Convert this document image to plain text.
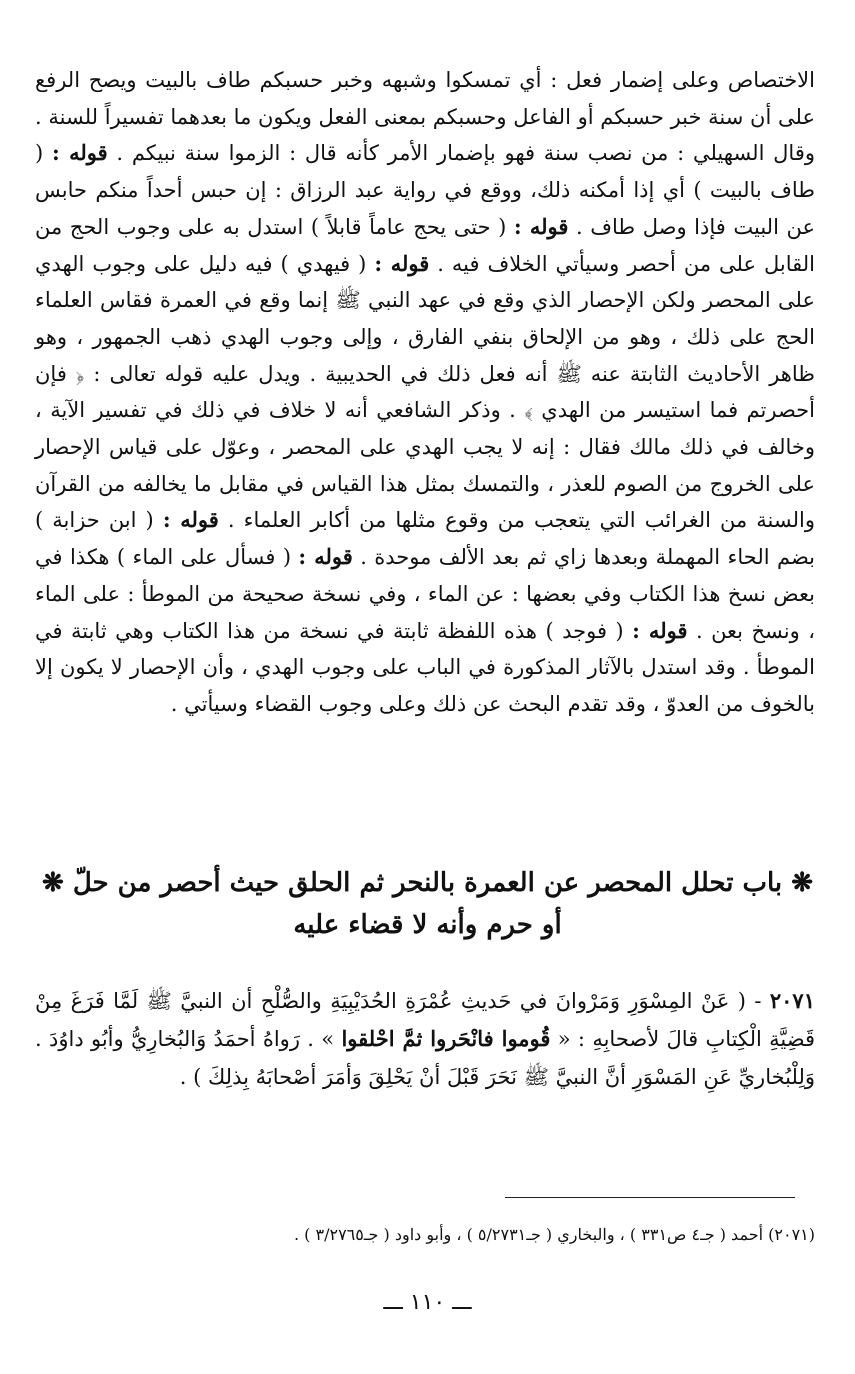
الاختصاص وعلى إضمار فعل : أي تمسكوا وشبهه وخبر حسبكم طاف بالبيت ويصح الرفع على أن سنة خبر حسبكم أو الفاعل وحسبكم بمعنى الفعل ويكون ما بعدهما تفسيراً للسنة . وقال السهيلي : من نصب سنة فهو بإضمار الأمر كأنه قال : الزموا سنة نبيكم . قوله : ( طاف بالبيت ) أي إذا أمكنه ذلك، ووقع في رواية عبد الرزاق : إن حبس أحداً منكم حابس عن البيت فإذا وصل طاف . قوله : ( حتى يحج عاماً قابلاً ) استدل به على وجوب الحج من القابل على من أحصر وسيأتي الخلاف فيه . قوله : ( فيهدي ) فيه دليل على وجوب الهدي على المحصر ولكن الإحصار الذي وقع في عهد النبي ﷺ إنما وقع في العمرة فقاس العلماء الحج على ذلك ، وهو من الإلحاق بنفي الفارق ، وإلى وجوب الهدي ذهب الجمهور ، وهو ظاهر الأحاديث الثابتة عنه ﷺ أنه فعل ذلك في الحديبية . ويدل عليه قوله تعالى : ﴿ فإن أحصرتم فما استيسر من الهدي ﴾ . وذكر الشافعي أنه لا خلاف في ذلك في تفسير الآية ، وخالف في ذلك مالك فقال : إنه لا يجب الهدي على المحصر ، وعوّل على قياس الإحصار على الخروج من الصوم للعذر ، والتمسك بمثل هذا القياس في مقابل ما يخالفه من القرآن والسنة من الغرائب التي يتعجب من وقوع مثلها من أكابر العلماء . قوله : ( ابن حزابة ) بضم الحاء المهملة وبعدها زاي ثم بعد الألف موحدة . قوله : ( فسأل على الماء ) هكذا في بعض نسخ هذا الكتاب وفي بعضها : عن الماء ، وفي نسخة صحيحة من الموطأ : على الماء ، ونسخ بعن . قوله : ( فوجد ) هذه اللفظة ثابتة في نسخة من هذا الكتاب وهي ثابتة في الموطأ . وقد استدل بالآثار المذكورة في الباب على وجوب الهدي ، وأن الإحصار لا يكون إلا بالخوف من العدوّ ، وقد تقدم البحث عن ذلك وعلى وجوب القضاء وسيأتي .

❋ باب تحلل المحصر عن العمرة بالنحر ثم الحلق حيث أحصر من حلّ ❋
أو حرم وأنه لا قضاء عليه

٢٠٧١ - ( عَنْ المِسْوَرِ وَمَرْوانَ في حَديثِ عُمْرَةِ الحُدَيْبِيَةِ والصُّلْحِ أن النبيَّ ﷺ لَمَّا فَرَغَ مِنْ قَضِيَّةِ الْكِتابِ قالَ لأصحابِهِ : « قُوموا فانْحَروا ثمَّ احْلقوا » . رَواهُ أحمَدُ وَالبُخارِيُّ وأبُو داوُدَ . وَلِلْبُخاريِّ عَنِ المَسْوَرِ أنَّ النبيَّ ﷺ نَحَرَ قَبْلَ أنْ يَحْلِقَ وَأمَرَ أصْحابَهُ بِذلِكَ ) .

(٢٠٧١) أحمد ( جـ٤ ص٣٣١ ) ، والبخاري ( جـ٥/٢٧٣١ ) ، وأبو داود ( جـ٣/٢٧٦٥ ) .
ـــ ١١٠ ـــ
